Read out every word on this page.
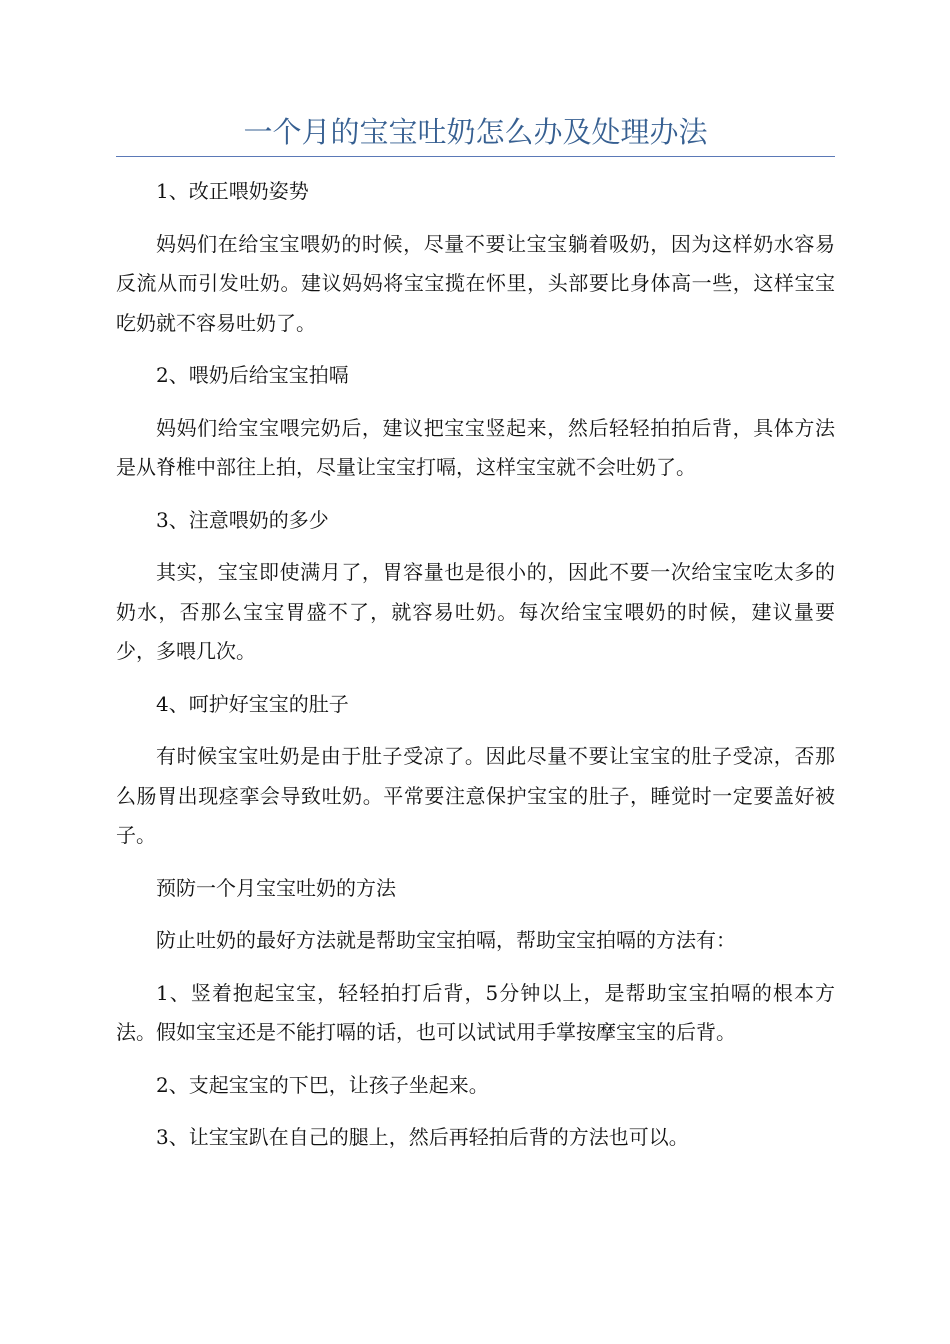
一个月的宝宝吐奶怎么办及处理办法

1、改正喂奶姿势

妈妈们在给宝宝喂奶的时候，尽量不要让宝宝躺着吸奶，因为这样奶水容易反流从而引发吐奶。建议妈妈将宝宝揽在怀里，头部要比身体高一些，这样宝宝吃奶就不容易吐奶了。

2、喂奶后给宝宝拍嗝

妈妈们给宝宝喂完奶后，建议把宝宝竖起来，然后轻轻拍拍后背，具体方法是从脊椎中部往上拍，尽量让宝宝打嗝，这样宝宝就不会吐奶了。

3、注意喂奶的多少

其实，宝宝即使满月了，胃容量也是很小的，因此不要一次给宝宝吃太多的奶水，否那么宝宝胃盛不了，就容易吐奶。每次给宝宝喂奶的时候，建议量要少，多喂几次。

4、呵护好宝宝的肚子

有时候宝宝吐奶是由于肚子受凉了。因此尽量不要让宝宝的肚子受凉，否那么肠胃出现痉挛会导致吐奶。平常要注意保护宝宝的肚子，睡觉时一定要盖好被子。

预防一个月宝宝吐奶的方法

防止吐奶的最好方法就是帮助宝宝拍嗝，帮助宝宝拍嗝的方法有：

1、竖着抱起宝宝，轻轻拍打后背，5分钟以上，是帮助宝宝拍嗝的根本方法。假如宝宝还是不能打嗝的话，也可以试试用手掌按摩宝宝的后背。

2、支起宝宝的下巴，让孩子坐起来。

3、让宝宝趴在自己的腿上，然后再轻拍后背的方法也可以。
